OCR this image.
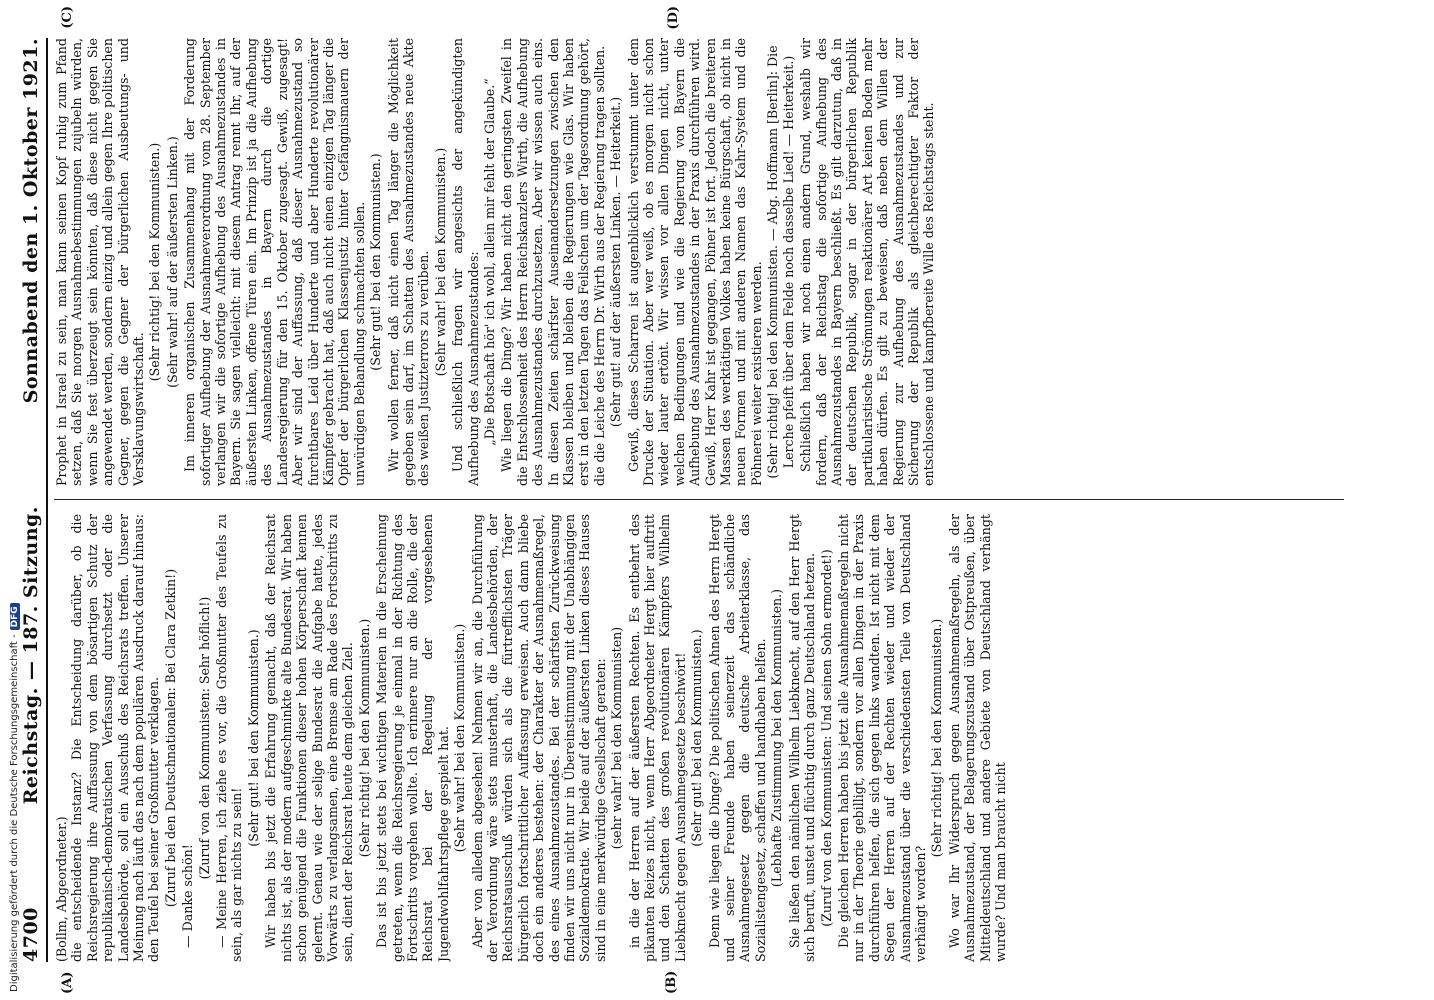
Digitalisierung gefördert durch die Deutsche Forschungsgemeinschaft -DFG
4700
Reichstag. — 187. Sitzung.
Sonnabend den 1. Oktober 1921.
(A)	(B)
(C)	(D)

(Bollm, Abgeordneter.) die entscheidende Instanz? Die Entscheidung darüber, ob die Reichsregierung ihre Auffassung von dem bösartigen Schutz der republikanisch-demokratischen Verfassung durchsetzt oder die Landesbehörde, soll ein Ausschuß des Reichsrats treffen. Unserer Meinung nach läuft das nach dem populären Ausdruck darauf hinaus: den Teufel bei seiner Großmutter verklagen. (Zuruf bei den Deutschnationalen: Bei Clara Zetkin!) — Danke schön!

(Zuruf von den Kommunisten: Sehr höflich!) — Meine Herren, ich ziehe es vor, die Großmutter des Teufels zu sein, als gar nichts zu sein!

(Sehr gut! bei den Kommunisten.) Wir haben bis jetzt die Erfahrung gemacht, daß der Reichsrat nichts ist, als der modern aufgeschminkte alte Bundesrat. Wir haben schon genügend die Funktionen dieser hohen Körperschaft kennen gelernt. Genau wie der selige Bundesrat die Aufgabe hatte, jedes Vorwärts zu verlangsamen, eine Bremse am Rade des Fortschritts zu sein, dient der Reichsrat heute dem gleichen Ziel. (Sehr richtig! bei den Kommunisten.) Das ist bis jetzt stets bei wichtigen Materien in die Erscheinung getreten, wenn die Reichsregierung je einmal in der Richtung des Fortschritts vorgehen wollte. Ich erinnere nur an die Rolle, die der Reichsrat bei der Regelung der vorgesehenen Jugendwohlfahrtspflege gespielt hat. (Sehr wahr! bei den Kommunisten.) Aber von alledem abgesehen! Nehmen wir an, die Durchführung der Verordnung wäre stets musterhaft, die Landesbehörden, der Reichsratsausschuß würden sich als die fürtrefflichsten Träger bürgerlich fortschrittlicher Auffassung erweisen. Auch dann bliebe doch ein anderes bestehen: der Charakter der Ausnahmemaßregel, des eines Ausnahmezustandes. Bei der schärfsten Zurückweisung finden wir uns nicht nur in Übereinstimmung mit der Unabhängigen Sozialdemokratie. Wir beide auf der äußersten Linken dieses Hauses sind in eine merkwürdige Gesellschaft geraten: (sehr wahr! bei den Kommunisten) in die der Herren auf der äußersten Rechten. Es entbehrt des pikanten Reizes nicht, wenn Herr Abgeordneter Hergt hier auftritt und den Schatten des großen revolutionären Kämpfers Wilhelm Liebknecht gegen Ausnahmegesetze beschwört! (Sehr gut! bei den Kommunisten.) Denn wie liegen die Dinge? Die politischen Ahnen des Herrn Hergt und seiner Freunde haben seinerzeit das schändliche Ausnahmegesetz gegen die deutsche Arbeiterklasse, das Sozialistengesetz, schaffen und handhaben helfen. (Lebhafte Zustimmung bei den Kommunisten.) Sie ließen den nämlichen Wilhelm Liebknecht, auf den Herr Hergt sich beruft, unstet und flüchtig durch ganz Deutschland hetzen. (Zuruf von den Kommunisten: Und seinen Sohn ermordet!) Die gleichen Herren haben bis jetzt alle Ausnahmemaßregeln nicht nur in der Theorie gebilligt, sondern vor allen Dingen in der Praxis durchführen helfen, die sich gegen links wandten. Ist nicht mit dem Segen der Herren auf der Rechten wieder und wieder der Ausnahmezustand über die verschiedensten Teile von Deutschland verhängt worden?

(Sehr richtig! bei den Kommunisten.) Wo war Ihr Widerspruch gegen Ausnahmemaßregeln, als der Ausnahmezustand, der Belagerungszustand über Ostpreußen, über Mitteldeutschland und andere Gebiete von Deutschland verhängt wurde? Und man braucht nicht

Prophet in Israel zu sein, man kann seinen Kopf ruhig zum Pfand setzen, daß Sie morgen Ausnahmebestimmungen zujubeln würden, wenn Sie fest überzeugt sein könnten, daß diese nicht gegen Sie angewendet werden, sondern einzig und allein gegen Ihre politischen Gegner, gegen die Gegner der bürgerlichen Ausbeutungs- und Versklavungswirtschaft.

(Sehr richtig! bei den Kommunisten.) (Sehr wahr! auf der äußersten Linken.) Im inneren organischen Zusammenhang mit der Forderung sofortiger Aufhebung der Ausnahmeverordnung vom 28. September verlangen wir die sofortige Aufhebung des Ausnahmezustandes in Bayern. Sie sagen vielleicht: mit diesem Antrag rennt Ihr, auf der äußersten Linken, offene Türen ein. Im Prinzip ist ja die Aufhebung des Ausnahmezustandes in Bayern durch die dortige Landesregierung für den 15. Oktober zugesagt. Gewiß, zugesagt! Aber wir sind der Auffassung, daß dieser Ausnahmezustand so furchtbares Leid über Hunderte und aber Hunderte revolutionärer Kämpfer gebracht hat, daß auch nicht einen einzigen Tag länger die Opfer der bürgerlichen Klassenjustiz hinter Gefängnismauern der unwürdigen Behandlung schmachten sollen. (Sehr gut! bei den Kommunisten.) Wir wollen ferner, daß nicht einen Tag länger die Möglichkeit gegeben sein darf, im Schatten des Ausnahmezustandes neue Akte des weißen Justizterrors zu verüben. (Sehr wahr! bei den Kommunisten.) Und schließlich fragen wir angesichts der angekündigten Aufhebung des Ausnahmezustandes: „Die Botschaft hör' ich wohl, allein mir fehlt der Glaube.“ Wie liegen die Dinge? Wir haben nicht den geringsten Zweifel in die Entschlossenheit des Herrn Reichskanzlers Wirth, die Aufhebung des Ausnahmezustandes durchzusetzen. Aber wir wissen auch eins. In diesen Zeiten schärfster Auseinandersetzungen zwischen den Klassen bleiben und bleiben die Regierungen wie Glas. Wir haben erst in den letzten Tagen das Feilschen um der Tagesordnung gehört, die die Leiche des Herrn Dr. Wirth aus der Regierung tragen sollten. (Sehr gut! auf der äußersten Linken. — Heiterkeit.) Gewiß, dieses Scharren ist augenblicklich verstummt unter dem Drucke der Situation. Aber wer weiß, ob es morgen nicht schon wieder lauter ertönt. Wir wissen vor allen Dingen nicht, unter welchen Bedingungen und wie die Regierung von Bayern die Aufhebung des Ausnahmezustandes in der Praxis durchführen wird. Gewiß, Herr Kahr ist gegangen, Pöhner ist fort. Jedoch die breiteren Massen des werktätigen Volkes haben keine Bürgschaft, ob nicht in neuen Formen und mit anderen Namen das Kahr-System und die Pöhnerei weiter existieren werden. (Sehr richtig! bei den Kommunisten. — Abg. Hoffmann [Berlin]: Die Lerche pfeift über dem Felde noch dasselbe Lied! — Heiterkeit.) Schließlich haben wir noch einen andern Grund, weshalb wir fordern, daß der Reichstag die sofortige Aufhebung des Ausnahmezustandes in Bayern beschließt. Es gilt darzutun, daß in der deutschen Republik, sogar in der bürgerlichen Republik partikularistische Strömungen reaktionärer Art keinen Boden mehr haben dürfen. Es gilt zu beweisen, daß neben dem Willen der Regierung zur Aufhebung des Ausnahmezustandes und zur Sicherung der Republik als gleichberechtigter Faktor der entschlossene und kampfbereite Wille des Reichstags steht.
